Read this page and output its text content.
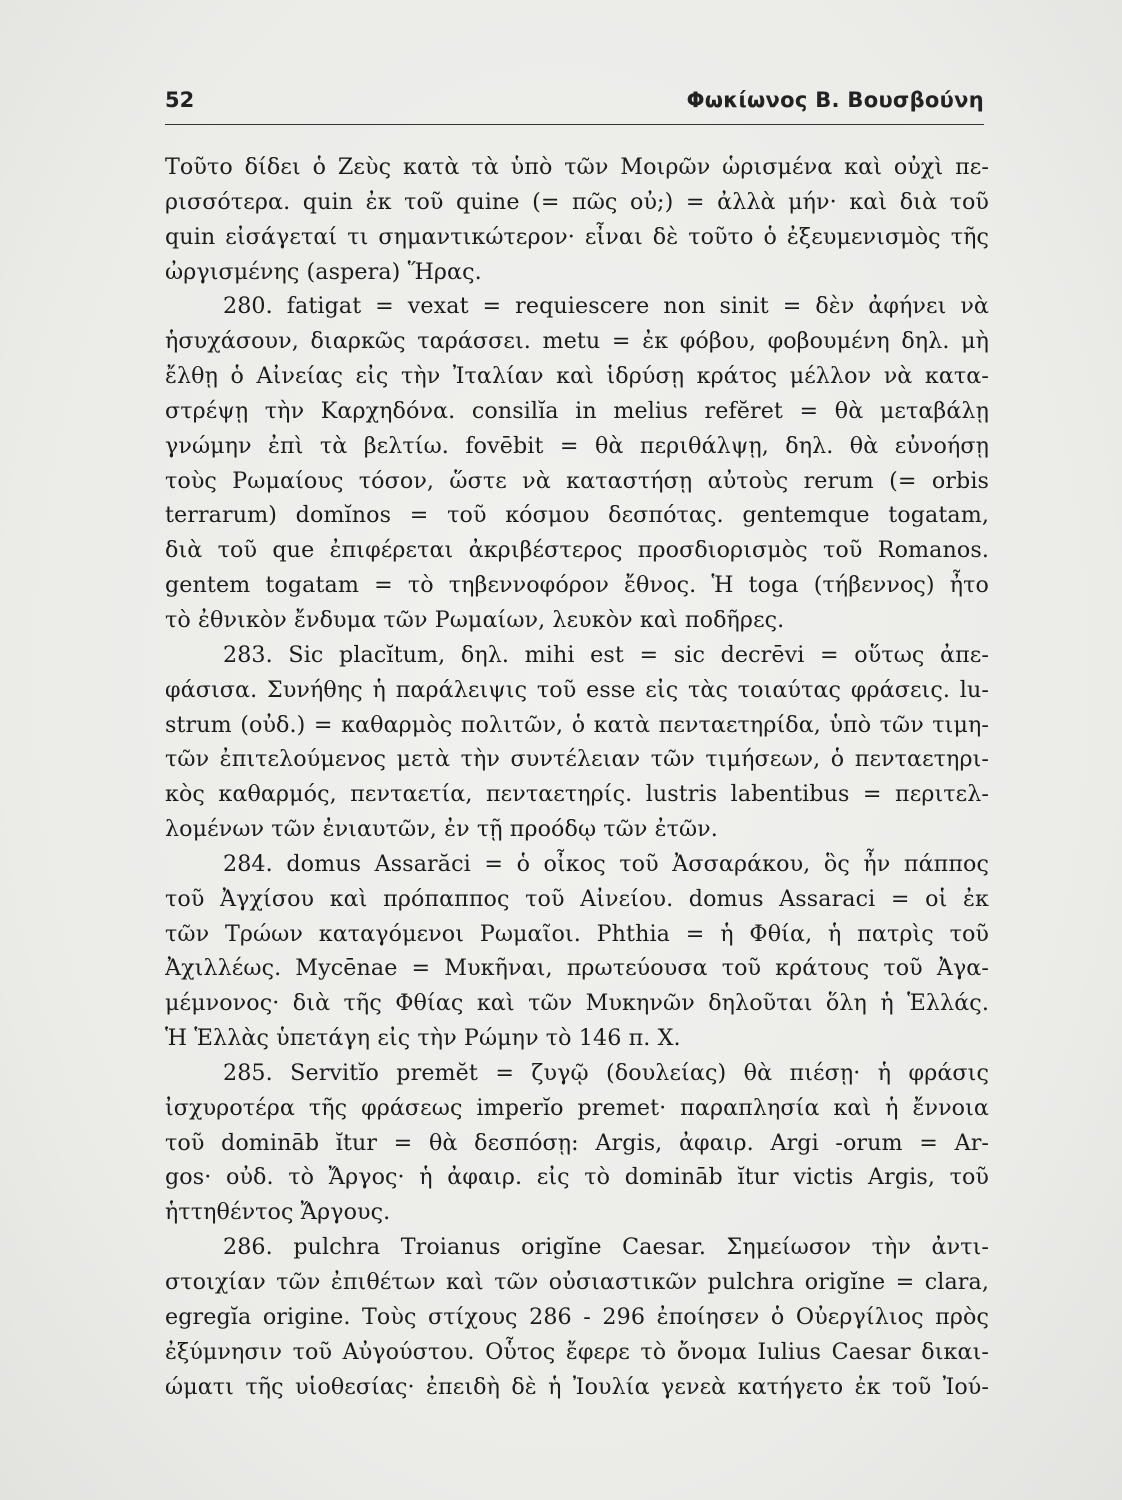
52	Φωκίωνος Β. Βουσβούνη
Τοῦτο δίδει ὁ Ζεὺς κατὰ τὰ ὑπὸ τῶν Μοιρῶν ὡρισμένα καὶ οὐχὶ πε-
ρισσότερα. quin ἐκ τοῦ quine (= πῶς οὐ;) = ἀλλὰ μήν· καὶ διὰ τοῦ
quin εἰσάγεταί τι σημαντικώτερον· εἶναι δὲ τοῦτο ὁ ἐξευμενισμὸς τῆς
ὠργισμένης (aspera) Ἥρας.
280. fatigat = vexat = requiescere non sinit = δὲν ἀφήνει νὰ
ἡσυχάσουν, διαρκῶς ταράσσει. metu = ἐκ φόβου, φοβουμένη δηλ. μὴ
ἔλθῃ ὁ Αἰνείας εἰς τὴν Ἰταλίαν καὶ ἱδρύσῃ κράτος μέλλον νὰ κατα-
στρέψῃ τὴν Καρχηδόνα. consilĭa in melius refĕret = θὰ μεταβάλῃ
γνώμην ἐπὶ τὰ βελτίω. fovēbit = θὰ περιθάλψῃ, δηλ. θὰ εὐνοήσῃ
τοὺς Ρωμαίους τόσον, ὥστε νὰ καταστήσῃ αὐτοὺς rerum (= orbis
terrarum) domĭnos = τοῦ κόσμου δεσπότας. gentemque togatam,
διὰ τοῦ que ἐπιφέρεται ἀκριβέστερος προσδιορισμὸς τοῦ Romanos.
gentem togatam = τὸ τηβεννοφόρον ἔθνος. Ἡ toga (τήβεννος) ἦτο
τὸ ἐθνικὸν ἔνδυμα τῶν Ρωμαίων, λευκὸν καὶ ποδῆρες.
283. Sic placĭtum, δηλ. mihi est = sic decrēvi = οὕτως ἀπε-
φάσισα. Συνήθης ἡ παράλειψις τοῦ esse εἰς τὰς τοιαύτας φράσεις. lu-
strum (οὐδ.) = καθαρμὸς πολιτῶν, ὁ κατὰ πενταετηρίδα, ὑπὸ τῶν τιμη-
τῶν ἐπιτελούμενος μετὰ τὴν συντέλειαν τῶν τιμήσεων, ὁ πενταετηρι-
κὸς καθαρμός, πενταετία, πενταετηρίς. lustris labentibus = περιτελ-
λομένων τῶν ἐνιαυτῶν, ἐν τῇ προόδῳ τῶν ἐτῶν.
284. domus Assarăci = ὁ οἶκος τοῦ Ἀσσαράκου, ὃς ἦν πάππος
τοῦ Ἀγχίσου καὶ πρόπαππος τοῦ Αἰνείου. domus Assaraci = οἱ ἐκ
τῶν Τρώων καταγόμενοι Ρωμαῖοι. Phthia = ἡ Φθία, ἡ πατρὶς τοῦ
Ἀχιλλέως. Mycēnae = Μυκῆναι, πρωτεύουσα τοῦ κράτους τοῦ Ἀγα-
μέμνονος· διὰ τῆς Φθίας καὶ τῶν Μυκηνῶν δηλοῦται ὅλη ἡ Ἑλλάς.
Ἡ Ἑλλὰς ὑπετάγη εἰς τὴν Ρώμην τὸ 146 π. Χ.
285. Servitĭo premĕt = ζυγῷ (δουλείας) θὰ πιέσῃ· ἡ φράσις
ἰσχυροτέρα τῆς φράσεως imperĭo premet· παραπλησία καὶ ἡ ἔννοια
τοῦ domināb ĭtur = θὰ δεσπόσῃ: Argis, ἀφαιρ. Argi -orum = Ar-
gos· οὐδ. τὸ Ἄργος· ἡ ἀφαιρ. εἰς τὸ domināb ĭtur victis Argis, τοῦ
ἡττηθέντος Ἄργους.
286. pulchra Troianus origĭne Caesar. Σημείωσον τὴν ἀντι-
στοιχίαν τῶν ἐπιθέτων καὶ τῶν οὐσιαστικῶν pulchra origĭne = clara,
egregĭa origine. Τοὺς στίχους 286 - 296 ἐποίησεν ὁ Οὐεργίλιος πρὸς
ἐξύμνησιν τοῦ Αὐγούστου. Οὗτος ἔφερε τὸ ὄνομα Iulius Caesar δικαι-
ώματι τῆς υἱοθεσίας· ἐπειδὴ δὲ ἡ Ἰουλία γενεὰ κατήγετο ἐκ τοῦ Ἰού-
